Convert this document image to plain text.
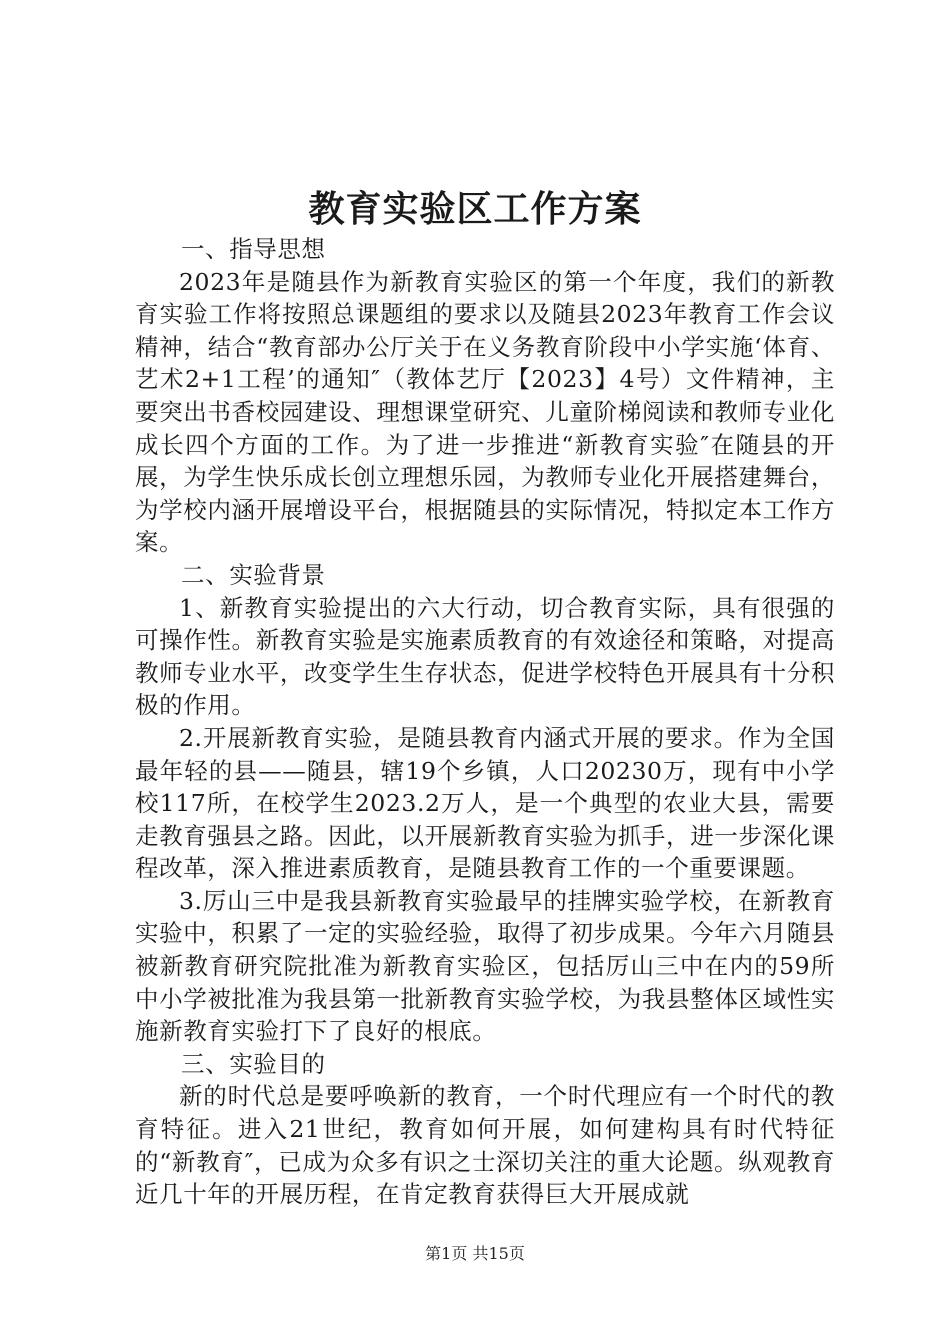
教育实验区工作方案

一、指导思想

2023年是随县作为新教育实验区的第一个年度，我们的新教育实验工作将按照总课题组的要求以及随县2023年教育工作会议精神，结合“教育部办公厅关于在义务教育阶段中小学实施‘体育、艺术2+1工程’的通知″（教体艺厅【2023】4号）文件精神，主要突出书香校园建设、理想课堂研究、儿童阶梯阅读和教师专业化成长四个方面的工作。为了进一步推进“新教育实验″在随县的开展，为学生快乐成长创立理想乐园，为教师专业化开展搭建舞台，为学校内涵开展增设平台，根据随县的实际情况，特拟定本工作方案。

二、实验背景

1、新教育实验提出的六大行动，切合教育实际，具有很强的可操作性。新教育实验是实施素质教育的有效途径和策略，对提高教师专业水平，改变学生生存状态，促进学校特色开展具有十分积极的作用。

2.开展新教育实验，是随县教育内涵式开展的要求。作为全国最年轻的县——随县，辖19个乡镇，人口20230万，现有中小学校117所，在校学生2023.2万人，是一个典型的农业大县，需要走教育强县之路。因此，以开展新教育实验为抓手，进一步深化课程改革，深入推进素质教育，是随县教育工作的一个重要课题。

3.厉山三中是我县新教育实验最早的挂牌实验学校，在新教育实验中，积累了一定的实验经验，取得了初步成果。今年六月随县被新教育研究院批准为新教育实验区，包括厉山三中在内的59所中小学被批准为我县第一批新教育实验学校，为我县整体区域性实施新教育实验打下了良好的根底。

三、实验目的

新的时代总是要呼唤新的教育，一个时代理应有一个时代的教育特征。进入21世纪，教育如何开展，如何建构具有时代特征的“新教育″，已成为众多有识之士深切关注的重大论题。纵观教育近几十年的开展历程，在肯定教育获得巨大开展成就

第1页 共15页
